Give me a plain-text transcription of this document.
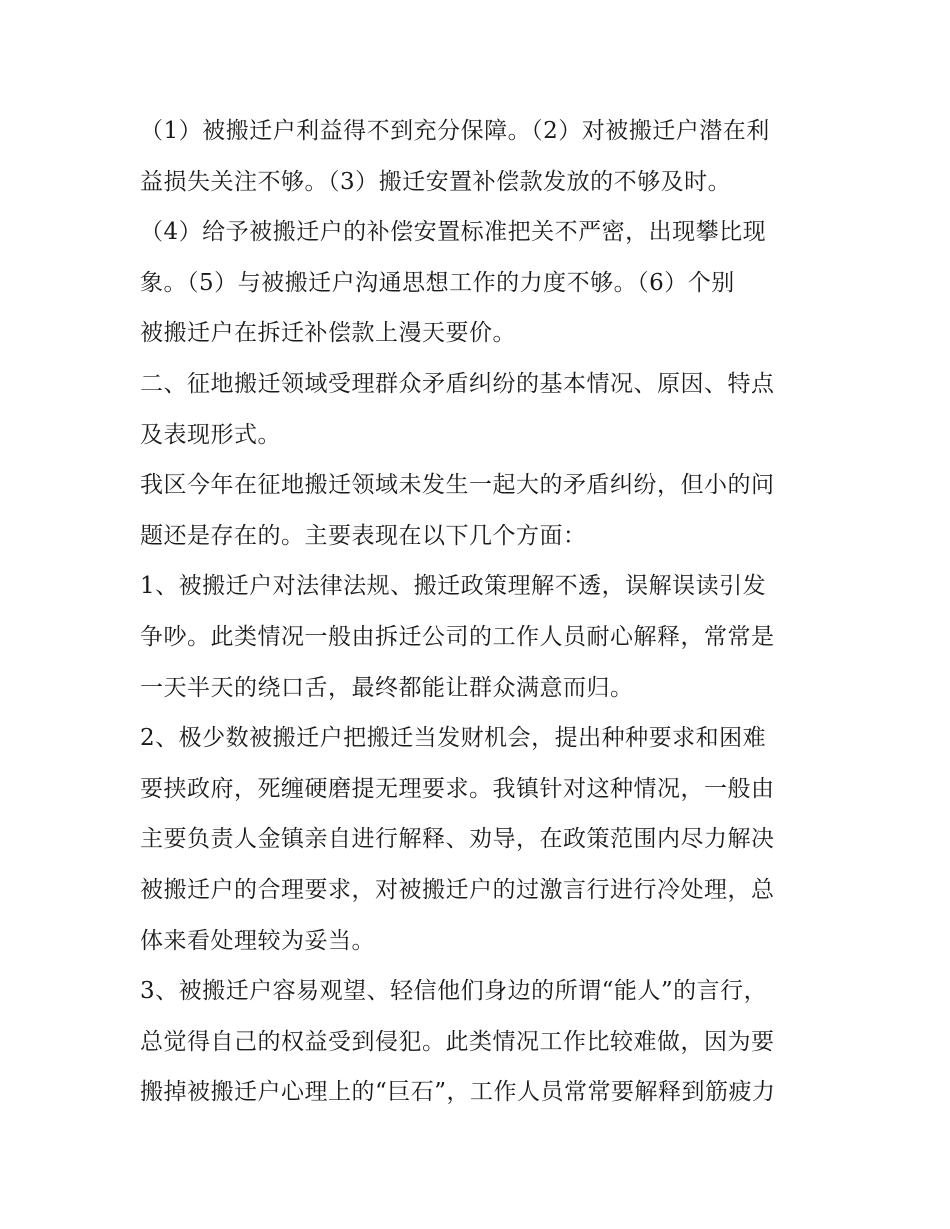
（1）被搬迁户利益得不到充分保障。（2）对被搬迁户潜在利
益损失关注不够。（3）搬迁安置补偿款发放的不够及时。
（4）给予被搬迁户的补偿安置标准把关不严密，出现攀比现
象。（5）与被搬迁户沟通思想工作的力度不够。（6）个别
被搬迁户在拆迁补偿款上漫天要价。
二、征地搬迁领域受理群众矛盾纠纷的基本情况、原因、特点
及表现形式。
我区今年在征地搬迁领域未发生一起大的矛盾纠纷，但小的问
题还是存在的。主要表现在以下几个方面：
1、被搬迁户对法律法规、搬迁政策理解不透，误解误读引发
争吵。此类情况一般由拆迁公司的工作人员耐心解释，常常是
一天半天的绕口舌，最终都能让群众满意而归。
2、极少数被搬迁户把搬迁当发财机会，提出种种要求和困难
要挟政府，死缠硬磨提无理要求。我镇针对这种情况，一般由
主要负责人金镇亲自进行解释、劝导，在政策范围内尽力解决
被搬迁户的合理要求，对被搬迁户的过激言行进行冷处理，总
体来看处理较为妥当。
3、被搬迁户容易观望、轻信他们身边的所谓“能人”的言行，
总觉得自己的权益受到侵犯。此类情况工作比较难做，因为要
搬掉被搬迁户心理上的“巨石”，工作人员常常要解释到筋疲力
